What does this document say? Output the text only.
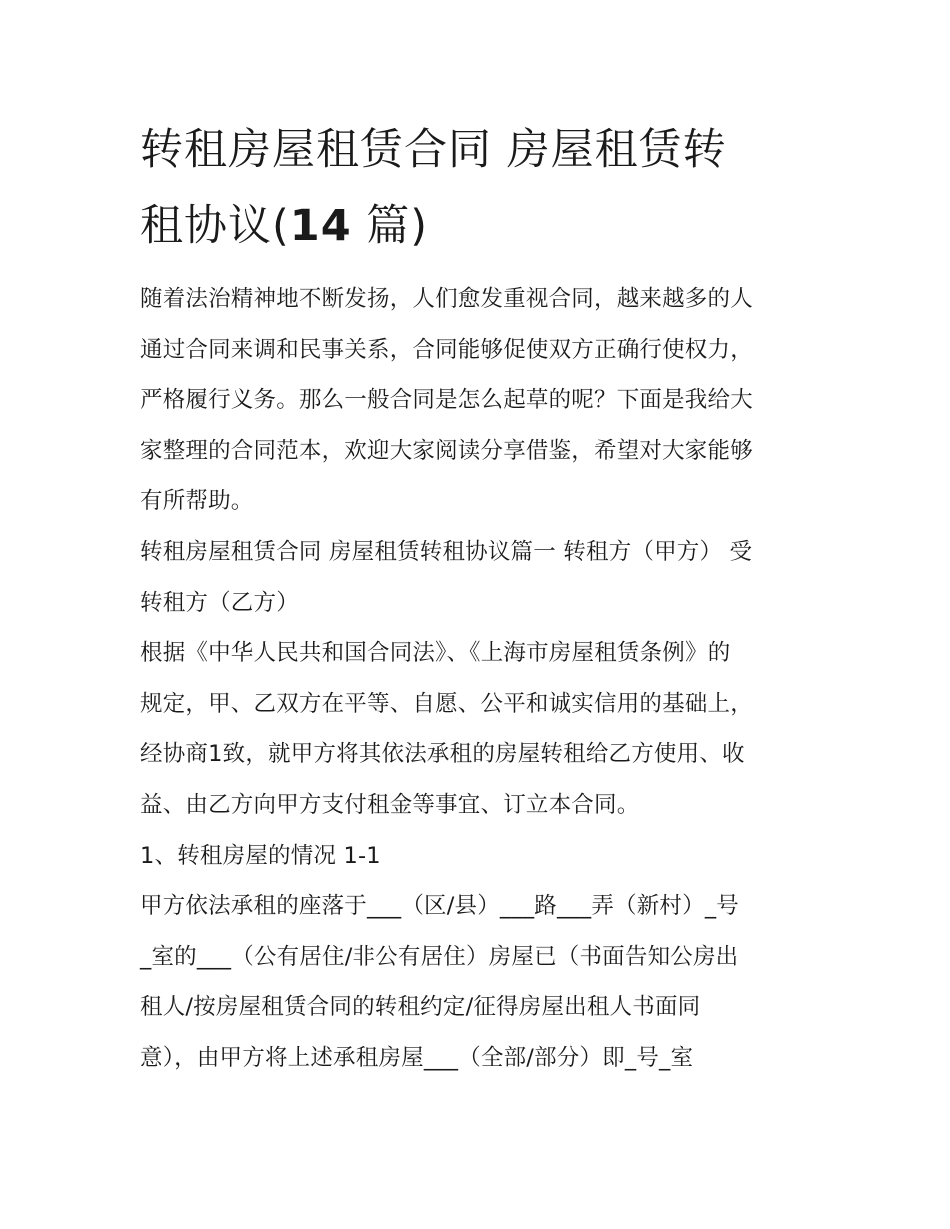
转租房屋租赁合同 房屋租赁转
租协议(14 篇)

随着法治精神地不断发扬，人们愈发重视合同，越来越多的人
通过合同来调和民事关系，合同能够促使双方正确行使权力，
严格履行义务。那么一般合同是怎么起草的呢？下面是我给大
家整理的合同范本，欢迎大家阅读分享借鉴，希望对大家能够
有所帮助。

转租房屋租赁合同 房屋租赁转租协议篇一 转租方（甲方） 受
转租方（乙方）

根据《中华人民共和国合同法》、《上海市房屋租赁条例》的
规定，甲、乙双方在平等、自愿、公平和诚实信用的基础上，
经协商1致，就甲方将其依法承租的房屋转租给乙方使用、收
益、由乙方向甲方支付租金等事宜、订立本合同。

1、转租房屋的情况 1-1

甲方依法承租的座落于___（区/县）___路___弄（新村）_号
_室的___（公有居住/非公有居住）房屋已（书面告知公房出
租人/按房屋租赁合同的转租约定/征得房屋出租人书面同
意），由甲方将上述承租房屋___（全部/部分）即_号_室
